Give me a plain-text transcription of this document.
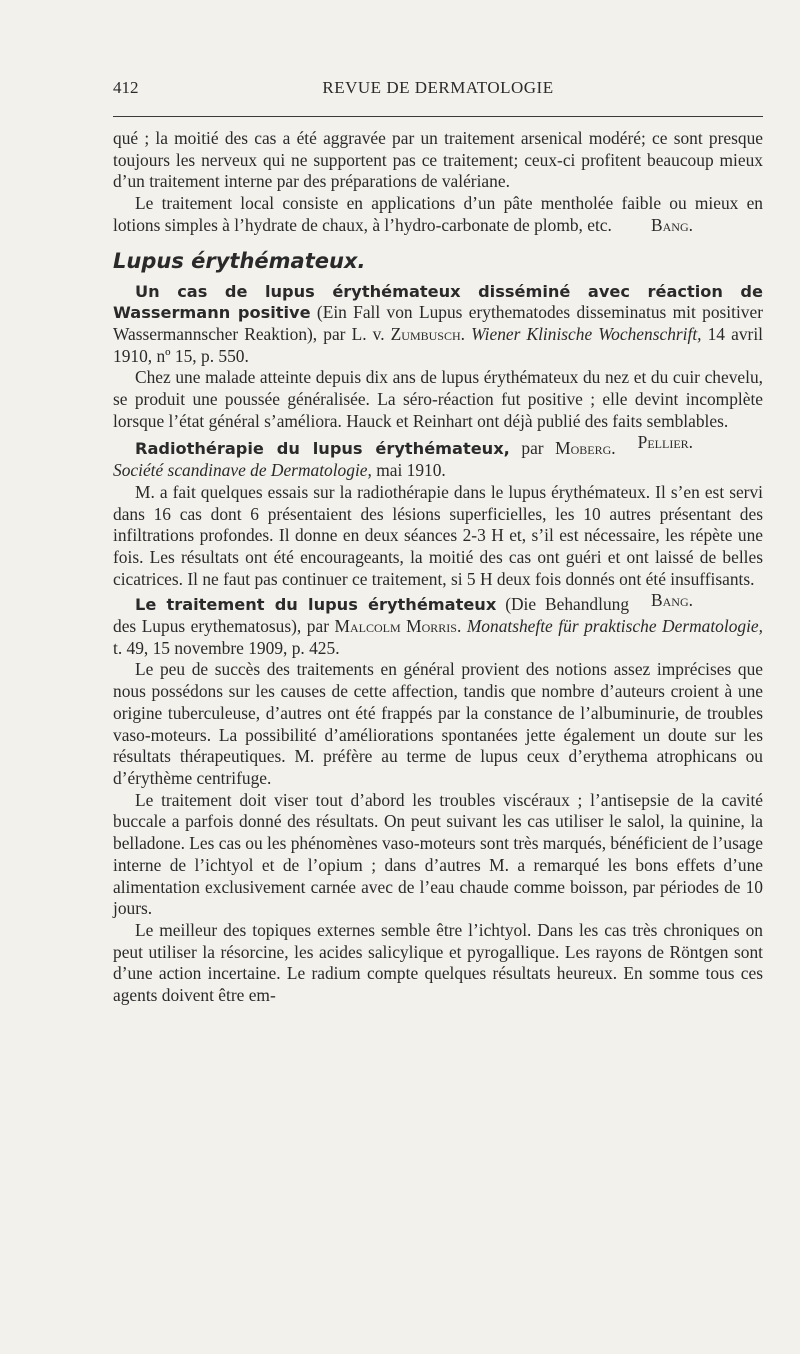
412	REVUE DE DERMATOLOGIE

qué ; la moitié des cas a été aggravée par un traitement arsenical modéré; ce sont presque toujours les nerveux qui ne supportent pas ce traitement; ceux-ci profitent beaucoup mieux d’un traitement interne par des préparations de valériane.

Le traitement local consiste en applications d’un pâte mentholée faible ou mieux en lotions simples à l’hydrate de chaux, à l’hydro-carbonate de plomb, etc.	Bang.

Lupus érythémateux.

Un cas de lupus érythémateux disséminé avec réaction de Wassermann positive (Ein Fall von Lupus erythematodes disseminatus mit positiver Wassermannscher Reaktion), par L. v. Zumbusch. Wiener Klinische Wochenschrift, 14 avril 1910, nº 15, p. 550.

Chez une malade atteinte depuis dix ans de lupus érythémateux du nez et du cuir chevelu, se produit une poussée généralisée. La séro-réaction fut positive ; elle devint incomplète lorsque l’état général s’améliora. Hauck et Reinhart ont déjà publié des faits semblables.
Pellier.

Radiothérapie du lupus érythémateux, par Moberg. Société scandinave de Dermatologie, mai 1910.

M. a fait quelques essais sur la radiothérapie dans le lupus érythémateux. Il s’en est servi dans 16 cas dont 6 présentaient des lésions superficielles, les 10 autres présentant des infiltrations profondes. Il donne en deux séances 2-3 H et, s’il est nécessaire, les répète une fois. Les résultats ont été encourageants, la moitié des cas ont guéri et ont laissé de belles cicatrices. Il ne faut pas continuer ce traitement, si 5 H deux fois donnés ont été insuffisants.
Bang.

Le traitement du lupus érythémateux (Die Behandlung des Lupus erythematosus), par Malcolm Morris. Monatshefte für praktische Dermatologie, t. 49, 15 novembre 1909, p. 425.

Le peu de succès des traitements en général provient des notions assez imprécises que nous possédons sur les causes de cette affection, tandis que nombre d’auteurs croient à une origine tuberculeuse, d’autres ont été frappés par la constance de l’albuminurie, de troubles vaso-moteurs. La possibilité d’améliorations spontanées jette également un doute sur les résultats thérapeutiques. M. préfère au terme de lupus ceux d’erythema atrophicans ou d’érythème centrifuge.

Le traitement doit viser tout d’abord les troubles viscéraux ; l’antisepsie de la cavité buccale a parfois donné des résultats. On peut suivant les cas utiliser le salol, la quinine, la belladone. Les cas ou les phénomènes vaso-moteurs sont très marqués, bénéficient de l’usage interne de l’ichtyol et de l’opium ; dans d’autres M. a remarqué les bons effets d’une alimentation exclusivement carnée avec de l’eau chaude comme boisson, par périodes de 10 jours.

Le meilleur des topiques externes semble être l’ichtyol. Dans les cas très chroniques on peut utiliser la résorcine, les acides salicylique et pyrogallique. Les rayons de Röntgen sont d’une action incertaine. Le radium compte quelques résultats heureux. En somme tous ces agents doivent être em-
